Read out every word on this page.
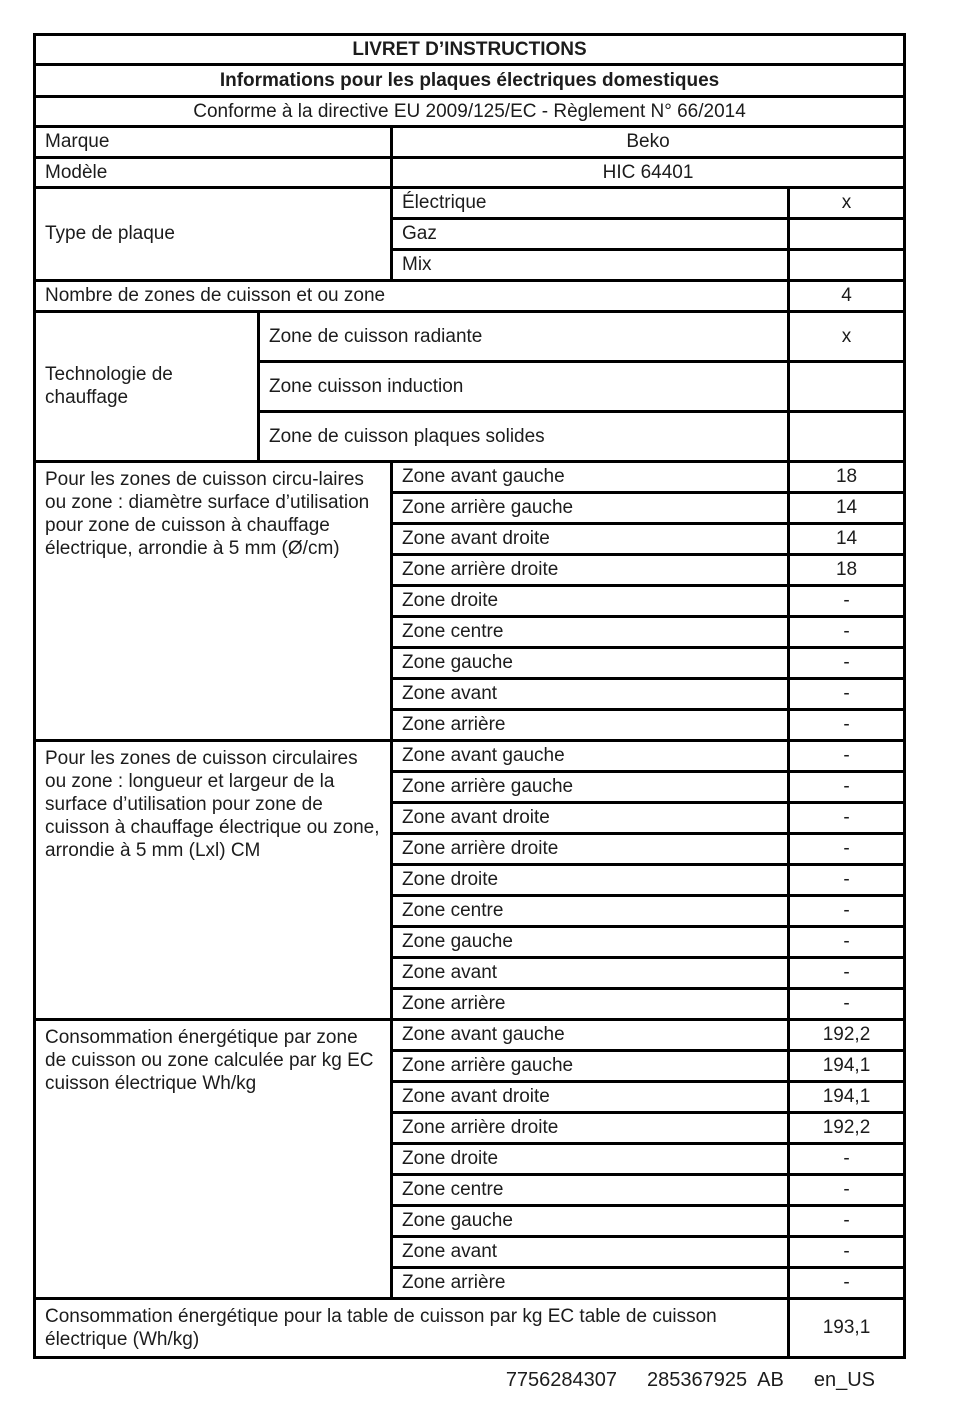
LIVRET D’INSTRUCTIONS			
Informations pour les plaques électriques domestiques			
Conforme à la directive EU 2009/125/EC - Règlement N° 66/2014			
Marque		Beko	
Modèle		HIC 64401	
Type de plaque		Électrique	x
		Gaz	
		Mix	
Nombre de zones de cuisson et ou zone			4
Technologie de chauffage	Zone de cuisson radiante		x
	Zone cuisson induction		
	Zone de cuisson plaques solides		
Pour les zones de cuisson circu-laires ou zone : diamètre surface d’utilisation pour zone de cuisson à chauffage électrique, arrondie à 5 mm (Ø/cm)		Zone avant gauche	18
		Zone arrière gauche	14
		Zone avant droite	14
		Zone arrière droite	18
		Zone droite	-
		Zone centre	-
		Zone gauche	-
		Zone avant	-
		Zone arrière	-
Pour les zones de cuisson circulaires ou zone : longueur et largeur de la surface d’utilisation pour zone de cuisson à chauffage électrique ou zone, arrondie à 5 mm (Lxl) CM		Zone avant gauche	-
		Zone arrière gauche	-
		Zone avant droite	-
		Zone arrière droite	-
		Zone droite	-
		Zone centre	-
		Zone gauche	-
		Zone avant	-
		Zone arrière	-
Consommation énergétique par zone de cuisson ou zone calculée par kg EC cuisson électrique Wh/kg		Zone avant gauche	192,2
		Zone arrière gauche	194,1
		Zone avant droite	194,1
		Zone arrière droite	192,2
		Zone droite	-
		Zone centre	-
		Zone gauche	-
		Zone avant	-
		Zone arrière	-
Consommation énergétique pour la table de cuisson par kg EC table de cuisson électrique (Wh/kg)			193,1
7756284307 285367925  AB en_US
